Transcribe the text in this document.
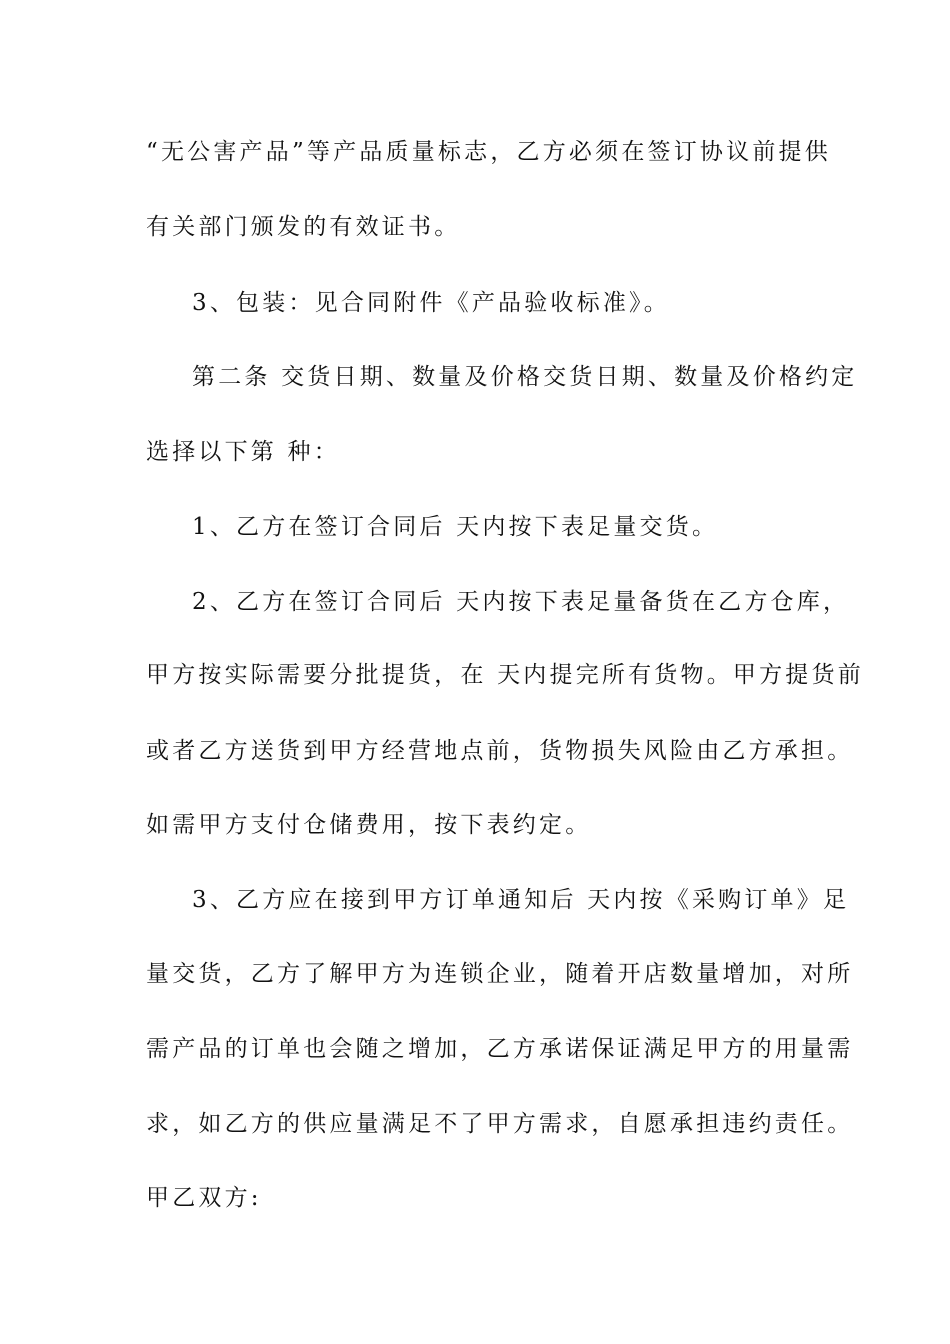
“无公害产品”等产品质量标志，乙方必须在签订协议前提供
有关部门颁发的有效证书。
3、包装：见合同附件《产品验收标准》。
第二条 交货日期、数量及价格交货日期、数量及价格约定
选择以下第 种：
1、乙方在签订合同后 天内按下表足量交货。
2、乙方在签订合同后 天内按下表足量备货在乙方仓库，
甲方按实际需要分批提货，在 天内提完所有货物。甲方提货前
或者乙方送货到甲方经营地点前，货物损失风险由乙方承担。
如需甲方支付仓储费用，按下表约定。
3、乙方应在接到甲方订单通知后 天内按《采购订单》足
量交货，乙方了解甲方为连锁企业，随着开店数量增加，对所
需产品的订单也会随之增加，乙方承诺保证满足甲方的用量需
求，如乙方的供应量满足不了甲方需求，自愿承担违约责任。
甲乙双方:
